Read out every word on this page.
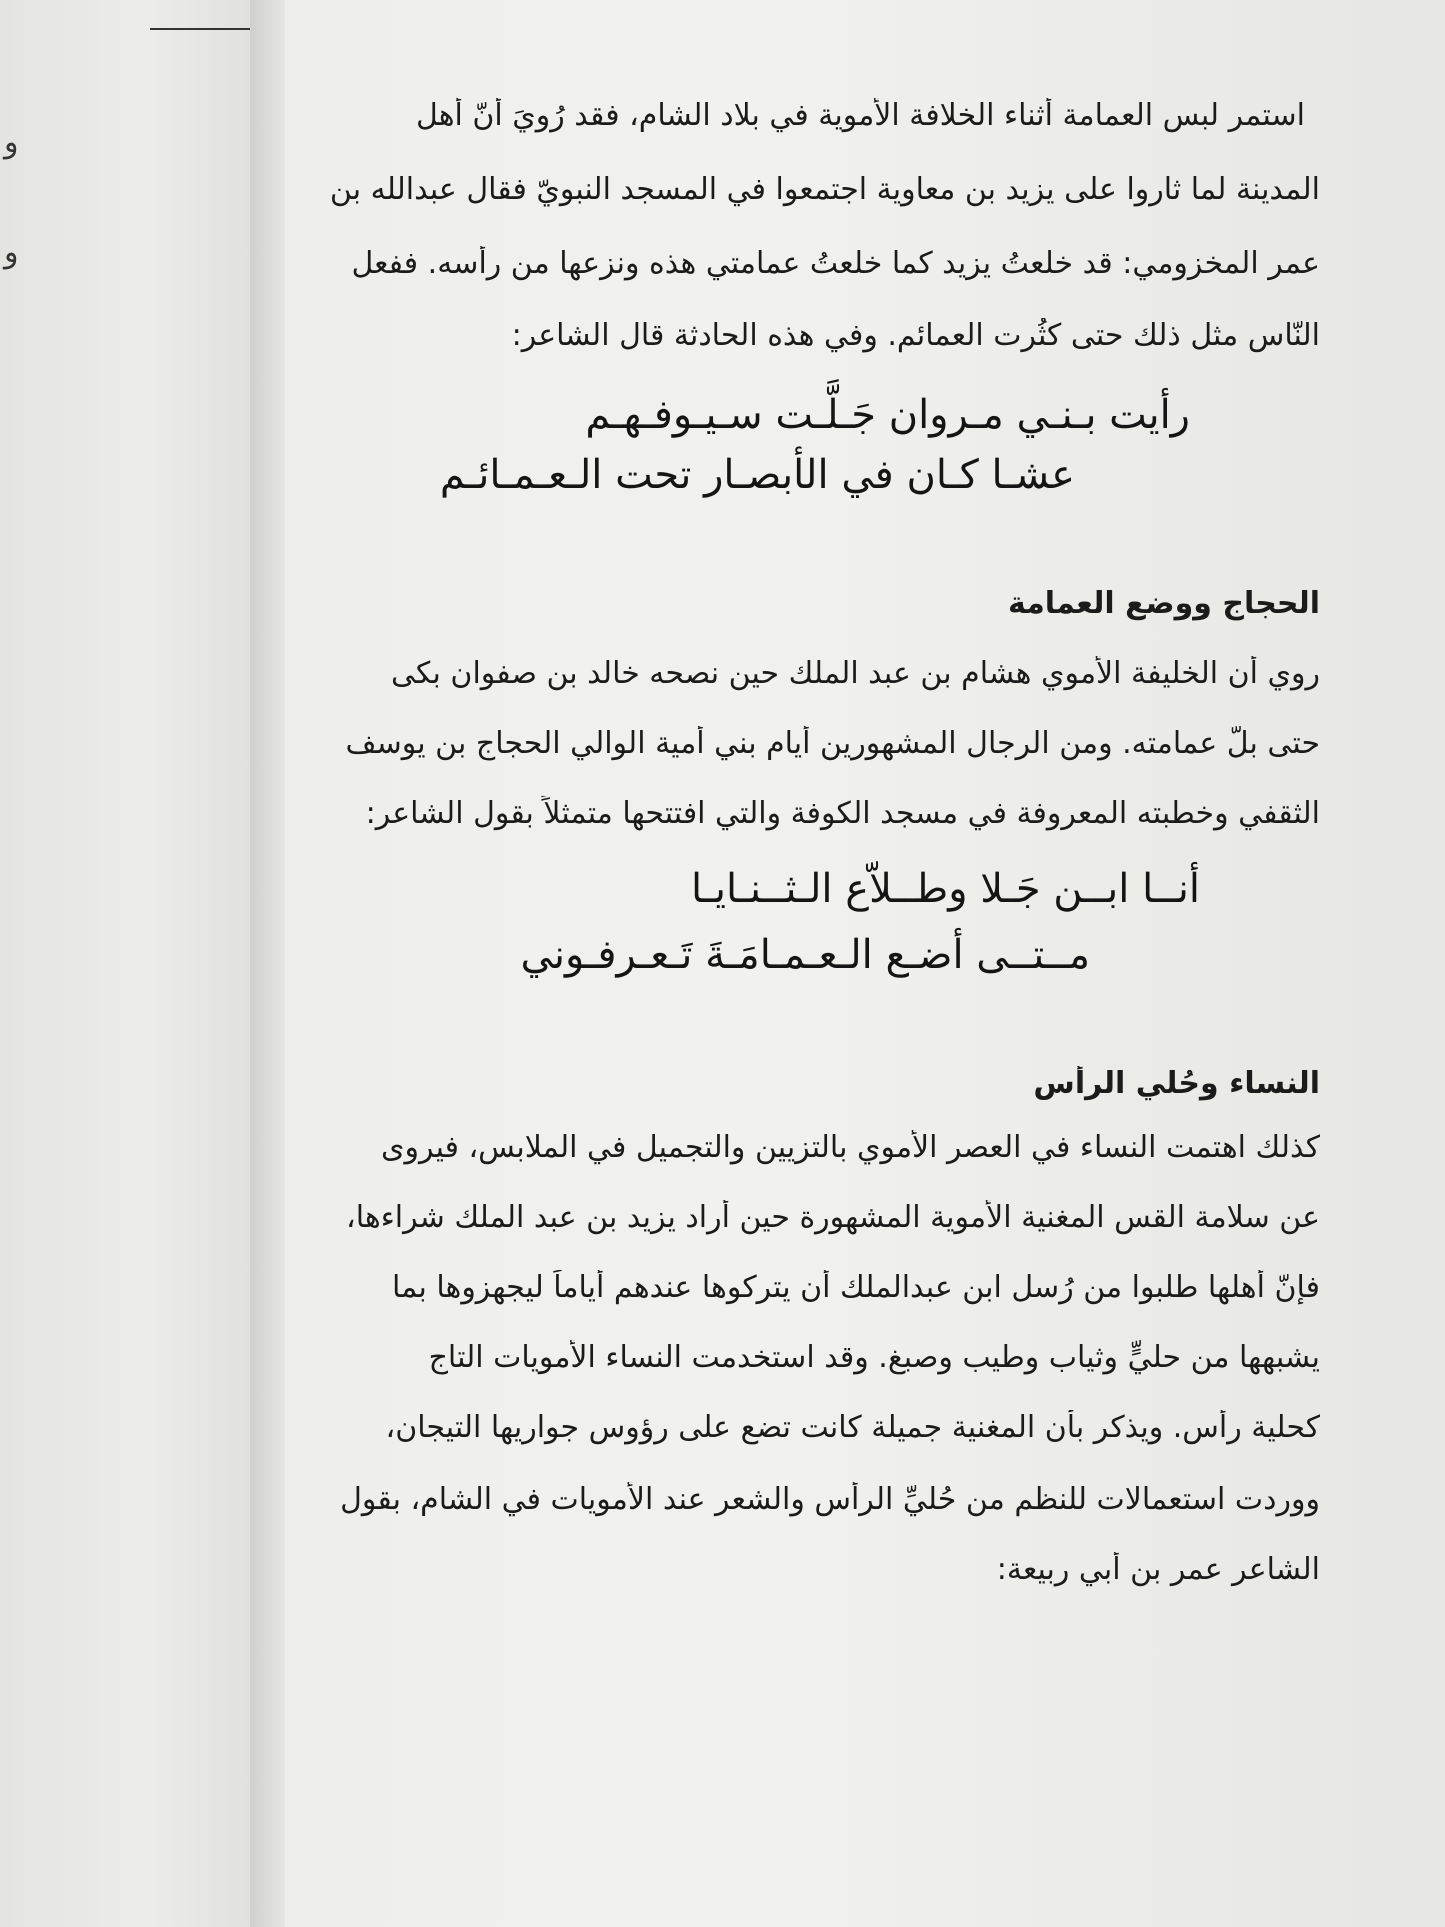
و
و
استمر لبس العمامة أثناء الخلافة الأموية في بلاد الشام، فقد رُوِيَ أنّ أهل
المدينة لما ثاروا على يزيد بن معاوية اجتمعوا في المسجد النبويّ فقال عبدالله بن
عمر المخزومي: قد خلعتُ يزيد كما خلعتُ عمامتي هذه ونزعها من رأسه. ففعل
النّاس مثل ذلك حتى كثُرت العمائم. وفي هذه الحادثة قال الشاعر:
رأيت بـنـي مـروان جَـلَّـت سـيـوفـهـم
عشـا كـان في الأبصـار تحت الـعـمـائـم
الحجاج ووضع العمامة
روي أن الخليفة الأموي هشام بن عبد الملك حين نصحه خالد بن صفوان بكى
حتى بلَّ عمامته. ومن الرجال المشهورين أيام بني أمية الوالي الحجاج بن يوسف
الثقفي وخطبته المعروفة في مسجد الكوفة والتي افتتحها متمثلاً بقول الشاعر:
أنــا ابــن جَـلا وطــلاّع الـثــنـايـا
مــتــى أضـع الـعـمـامَـةَ تَـعـرفـوني
النساء وحُلي الرأس
كذلك اهتمت النساء في العصر الأموي بالتزيين والتجميل في الملابس، فيروى
عن سلامة القس المغنية الأموية المشهورة حين أراد يزيد بن عبد الملك شراءها،
فإنّ أهلها طلبوا من رُسل ابن عبدالملك أن يتركوها عندهم أياماً ليجهزوها بما
يشبهها من حليٍّ وثياب وطيب وصبغ. وقد استخدمت النساء الأمويات التاج
كحلية رأس. ويذكر بأن المغنية جميلة كانت تضع على رؤوس جواريها التيجان،
ووردت استعمالات للنظم من حُليِّ الرأس والشعر عند الأمويات في الشام، بقول
الشاعر عمر بن أبي ربيعة:
